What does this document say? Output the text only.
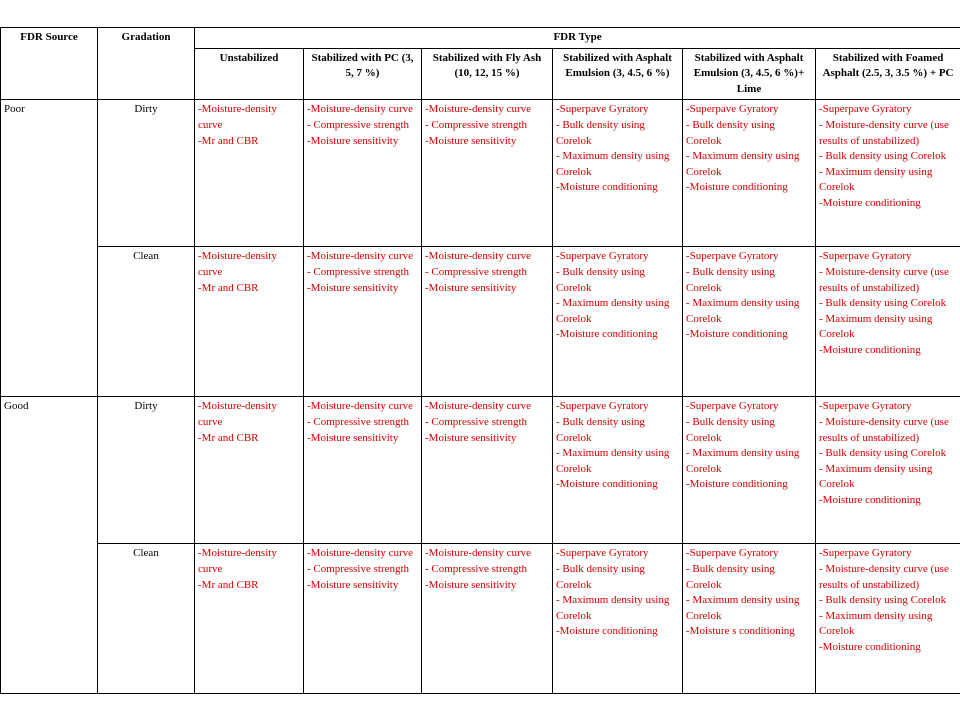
FDR Source	Gradation	FDR Type					
		Unstabilized	Stabilized with PC (3, 5, 7 %)	Stabilized with Fly Ash (10, 12, 15 %)	Stabilized with Asphalt Emulsion (3, 4.5, 6 %)	Stabilized with Asphalt Emulsion (3, 4.5, 6 %)+ Lime	Stabilized with Foamed Asphalt (2.5, 3, 3.5 %) + PC
Poor	Dirty	-Moisture-density curve
-Mr and CBR	-Moisture-density curve
- Compressive strength
-Moisture sensitivity	-Moisture-density curve
- Compressive strength
-Moisture sensitivity	-Superpave Gyratory
- Bulk density using Corelok
- Maximum density using Corelok
-Moisture conditioning	-Superpave Gyratory
- Bulk density using Corelok
- Maximum density using Corelok
-Moisture conditioning	-Superpave Gyratory
- Moisture-density curve (use results of unstabilized)
- Bulk density using Corelok
- Maximum density using Corelok
-Moisture conditioning

	Clean	-Moisture-density curve
-Mr and CBR	-Moisture-density curve
- Compressive strength
-Moisture sensitivity	-Moisture-density curve
- Compressive strength
-Moisture sensitivity	-Superpave Gyratory
- Bulk density using Corelok
- Maximum density using Corelok
-Moisture conditioning	-Superpave Gyratory
- Bulk density using Corelok
- Maximum density using Corelok
-Moisture conditioning	-Superpave Gyratory
- Moisture-density curve (use results of unstabilized)
- Bulk density using Corelok
- Maximum density using Corelok
-Moisture conditioning

Good	Dirty	-Moisture-density curve
-Mr and CBR	-Moisture-density curve
- Compressive strength
-Moisture sensitivity	-Moisture-density curve
- Compressive strength
-Moisture sensitivity	-Superpave Gyratory
- Bulk density using Corelok
- Maximum density using Corelok
-Moisture conditioning	-Superpave Gyratory
- Bulk density using Corelok
- Maximum density using Corelok
-Moisture conditioning	-Superpave Gyratory
- Moisture-density curve (use results of unstabilized)
- Bulk density using Corelok
- Maximum density using Corelok
-Moisture conditioning

	Clean	-Moisture-density curve
-Mr and CBR	-Moisture-density curve
- Compressive strength
-Moisture sensitivity	-Moisture-density curve
- Compressive strength
-Moisture sensitivity	-Superpave Gyratory
- Bulk density using Corelok
- Maximum density using Corelok
-Moisture conditioning	-Superpave Gyratory
- Bulk density using Corelok
- Maximum density using Corelok
-Moisture s conditioning	-Superpave Gyratory
- Moisture-density curve (use results of unstabilized)
- Bulk density using Corelok
- Maximum density using Corelok
-Moisture conditioning
